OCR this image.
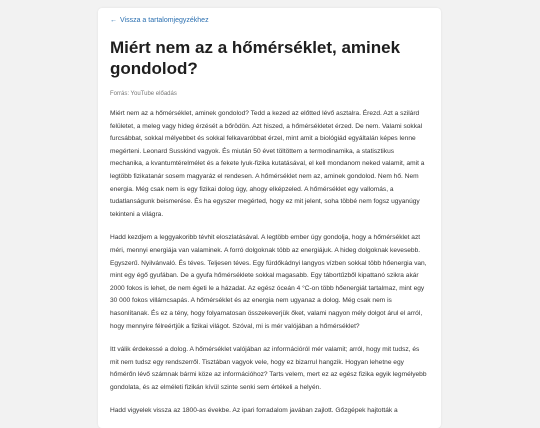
← Vissza a tartalomjegyzékhez
Miért nem az a hőmérséklet, aminek gondolod?
Forrás: YouTube előadás

Miért nem az a hőmérséklet, aminek gondolod? Tedd a kezed az előtted lévő asztalra. Érezd. Azt a szilárd felületet, a meleg vagy hideg érzését a bőrödön. Azt hiszed, a hőmérsékletet érzed. De nem. Valami sokkal furcsábbat, sokkal mélyebbet és sokkal felkavaróbbat érzel, mint amit a biológiád egyáltalán képes lenne megérteni. Leonard Susskind vagyok. És miután 50 évet töltöttem a termodinamika, a statisztikus mechanika, a kvantumtérelmélet és a fekete lyuk-fizika kutatásával, el kell mondanom neked valamit, amit a legtöbb fizikatanár sosem magyaráz el rendesen. A hőmérséklet nem az, aminek gondolod. Nem hő. Nem energia. Még csak nem is egy fizikai dolog úgy, ahogy elképzeled. A hőmérséklet egy vallomás, a tudatlanságunk beismerése. És ha egyszer megérted, hogy ez mit jelent, soha többé nem fogsz ugyanúgy tekinteni a világra.

Hadd kezdjem a leggyakoribb tévhit eloszlatásával. A legtöbb ember úgy gondolja, hogy a hőmérséklet azt méri, mennyi energiája van valaminek. A forró dolgoknak több az energiájuk. A hideg dolgoknak kevesebb. Egyszerű. Nyilvánvaló. És téves. Teljesen téves. Egy fürdőkádnyi langyos vízben sokkal több hőenergia van, mint egy égő gyufában. De a gyufa hőmérséklete sokkal magasabb. Egy tábortűzből kipattanó szikra akár 2000 fokos is lehet, de nem égeti le a házadat. Az egész óceán 4 °C-on több hőenergiát tartalmaz, mint egy 30 000 fokos villámcsapás. A hőmérséklet és az energia nem ugyanaz a dolog. Még csak nem is hasonlítanak. És ez a tény, hogy folyamatosan összekeverjük őket, valami nagyon mély dolgot árul el arról, hogy mennyire félreértjük a fizikai világot. Szóval, mi is mér valójában a hőmérséklet?

Itt válik érdekessé a dolog. A hőmérséklet valójában az információról mér valamit; arról, hogy mit tudsz, és mit nem tudsz egy rendszerről. Tisztában vagyok vele, hogy ez bizarrul hangzik. Hogyan lehetne egy hőmérőn lévő számnak bármi köze az információhoz? Tarts velem, mert ez az egész fizika egyik legmélyebb gondolata, és az elméleti fizikán kívül szinte senki sem értékeli a helyén.

Hadd vigyelek vissza az 1800-as évekbe. Az ipari forradalom javában zajlott. Gőzgépek hajtották a
